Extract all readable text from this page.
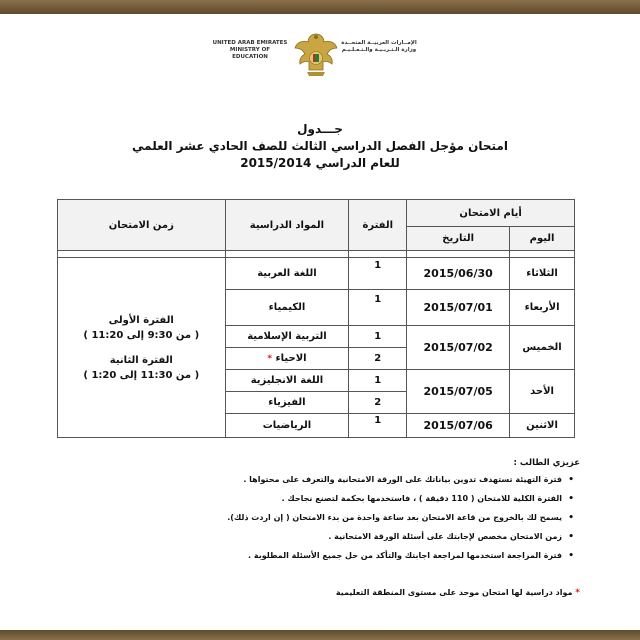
UNITED ARAB EMIRATES
MINISTRY OF EDUCATION
الإمــارات العربيــة المتحــدة
وزارة الـتـربـيـة والـتـعـلـيـم
جـــدول
امتحان مؤجل الفصل الدراسي الثالث للصف الحادي عشر العلمي
للعام الدراسي 2015/2014
أيام الامتحان		الفترة	المواد الدراسية	زمن الامتحان
اليوم	التاريخ			

الثلاثاء	2015/06/30	1	اللغة العربية	الفترة الأولى
( من 9:30 إلى 11:20 )
الفترة الثانية
( من 11:30 إلى 1:20 )

الأربعاء	2015/07/01	1	الكيمياء	
الخميس	2015/07/02	1	التربية الإسلامية	
		2	الاحياء *	
الأحد	2015/07/05	1	اللغة الانجليزية	
		2	الفيزياء	
الاثنين	2015/07/06	1	الرياضيات	
عزيزي الطالب :
• فترة التهيئة تستهدف تدوين بياناتك على الورقة الامتحانية والتعرف على محتواها .
• الفترة الكلية للامتحان ( 110 دقيقة ) ، فاستخدمها بحكمة لتصنع نجاحك .
• يسمح لك بالخروج من قاعة الامتحان بعد ساعة واحدة من بدء الامتحان ( إن اردت ذلك).
• زمن الامتحان مخصص لإجابتك على أسئلة الورقة الامتحانية .
• فترة المراجعة استخدمها لمراجعة اجابتك والتأكد من حل جميع الأسئلة المطلوبة .
* مواد دراسية لها امتحان موحد على مستوى المنطقة التعليمية
